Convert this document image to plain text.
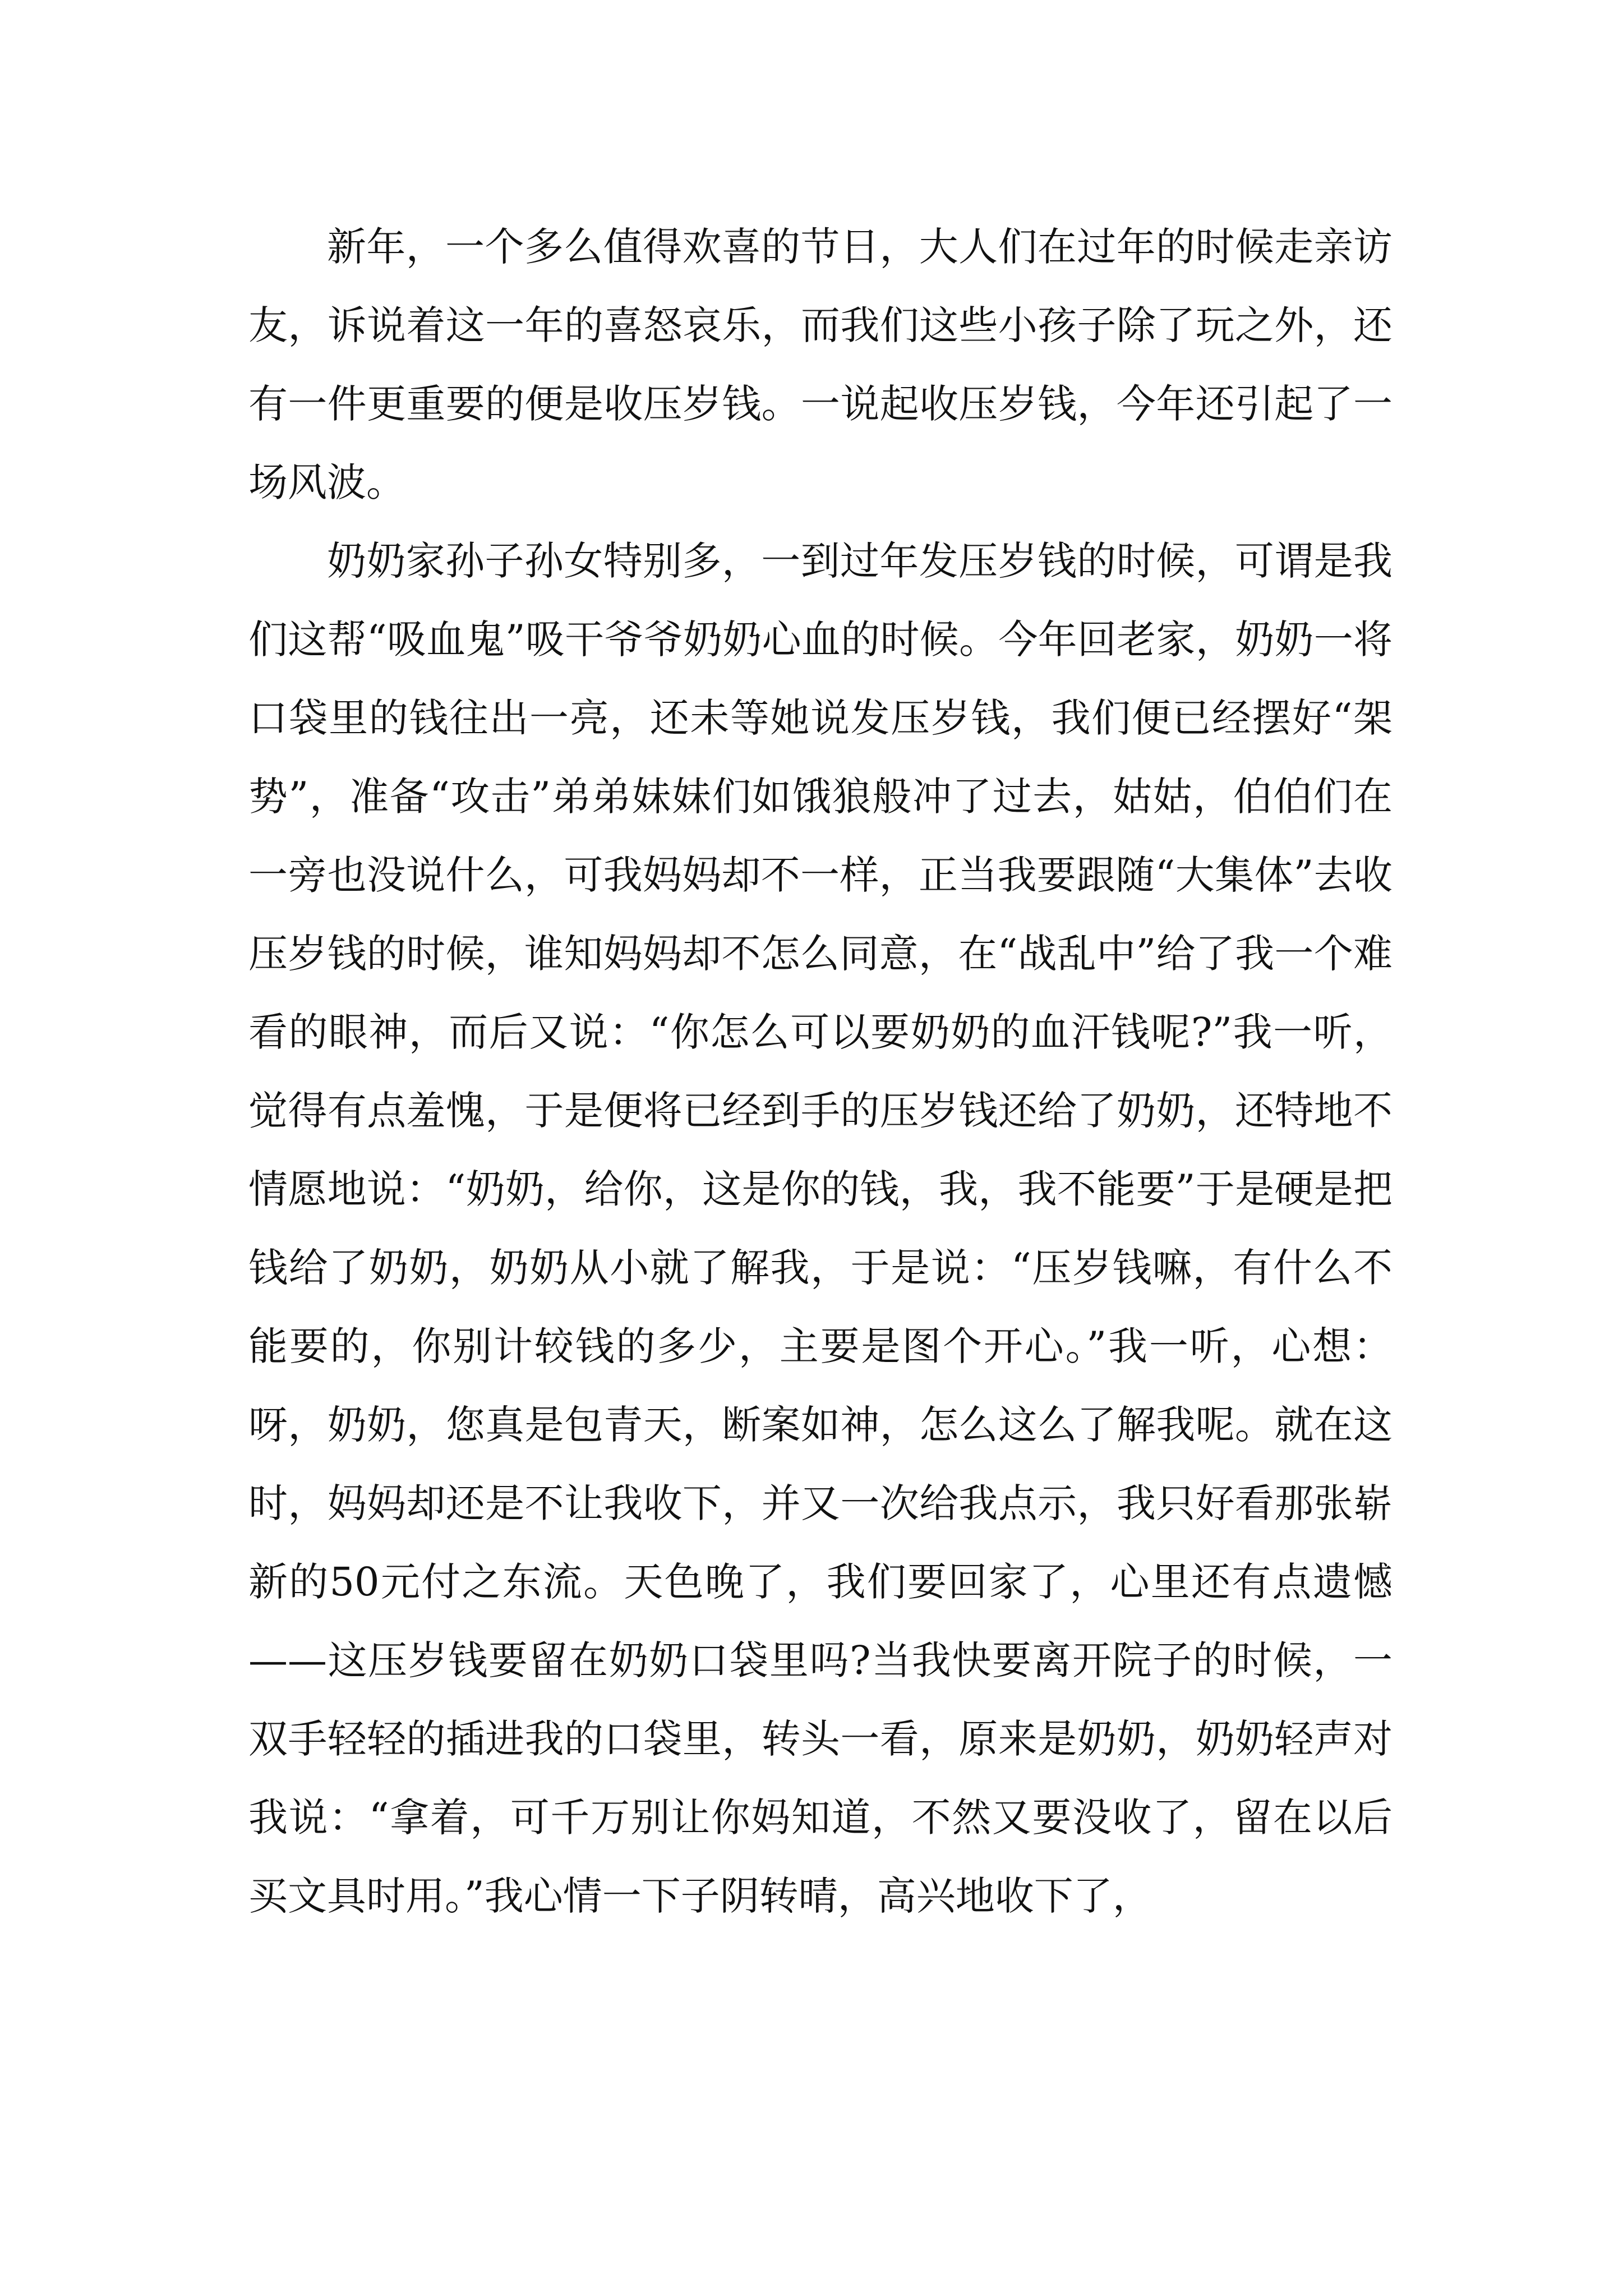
新年，一个多么值得欢喜的节日，大人们在过年的时候走亲访友，诉说着这一年的喜怒哀乐，而我们这些小孩子除了玩之外，还有一件更重要的便是收压岁钱。一说起收压岁钱，今年还引起了一场风波。

奶奶家孙子孙女特别多，一到过年发压岁钱的时候，可谓是我们这帮“吸血鬼”吸干爷爷奶奶心血的时候。今年回老家，奶奶一将口袋里的钱往出一亮，还未等她说发压岁钱，我们便已经摆好“架势”，准备“攻击”弟弟妹妹们如饿狼般冲了过去，姑姑，伯伯们在一旁也没说什么，可我妈妈却不一样，正当我要跟随“大集体”去收压岁钱的时候，谁知妈妈却不怎么同意，在“战乱中”给了我一个难看的眼神，而后又说：“你怎么可以要奶奶的血汗钱呢?”我一听，觉得有点羞愧，于是便将已经到手的压岁钱还给了奶奶，还特地不情愿地说：“奶奶，给你，这是你的钱，我，我不能要”于是硬是把钱给了奶奶，奶奶从小就了解我，于是说：“压岁钱嘛，有什么不能要的，你别计较钱的多少，主要是图个开心。”我一听，心想：呀，奶奶，您真是包青天，断案如神，怎么这么了解我呢。就在这时，妈妈却还是不让我收下，并又一次给我点示，我只好看那张崭新的50元付之东流。天色晚了，我们要回家了，心里还有点遗憾——这压岁钱要留在奶奶口袋里吗?当我快要离开院子的时候，一双手轻轻的插进我的口袋里，转头一看，原来是奶奶，奶奶轻声对我说：“拿着，可千万别让你妈知道，不然又要没收了，留在以后买文具时用。”我心情一下子阴转晴，高兴地收下了，
